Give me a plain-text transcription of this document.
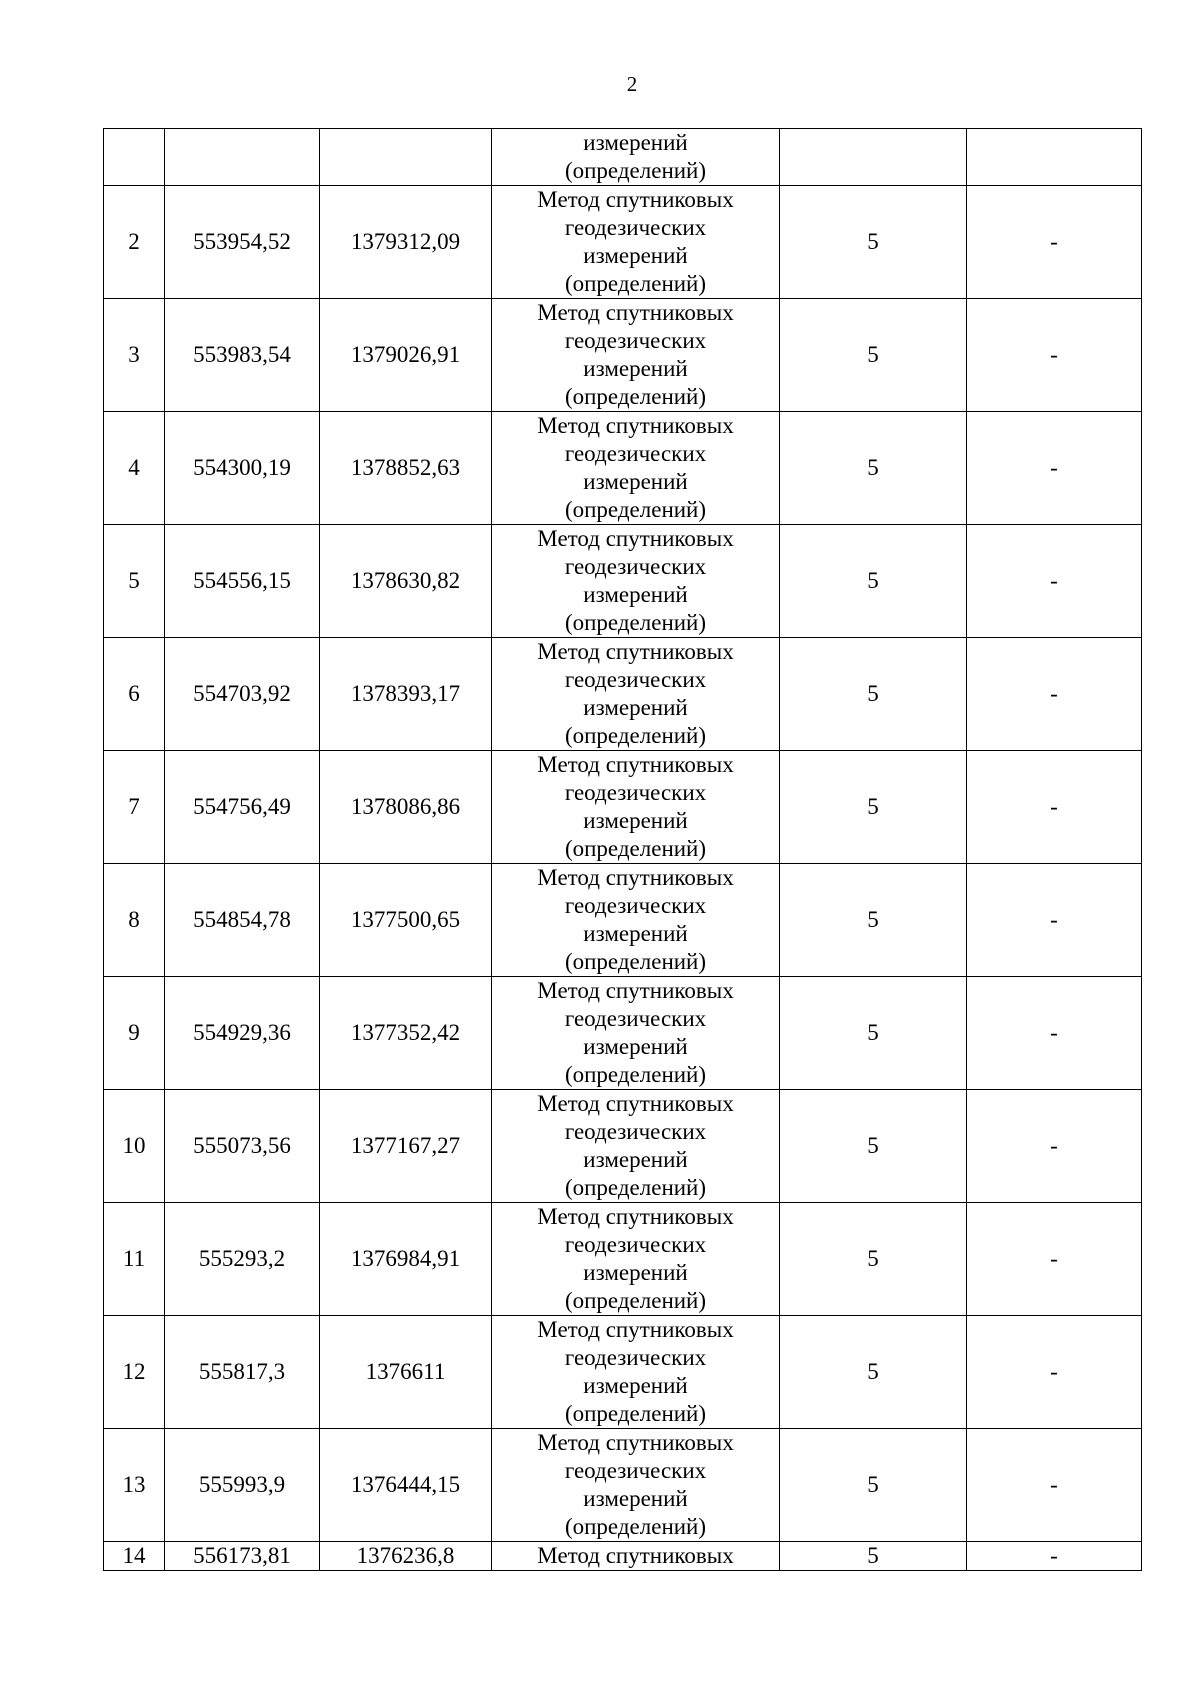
2

			измерений
(определений)		

2	553954,52	1379312,09	Метод спутниковых
геодезических
измерений
(определений)	5	-
3	553983,54	1379026,91	Метод спутниковых
геодезических
измерений
(определений)	5	-
4	554300,19	1378852,63	Метод спутниковых
геодезических
измерений
(определений)	5	-
5	554556,15	1378630,82	Метод спутниковых
геодезических
измерений
(определений)	5	-
6	554703,92	1378393,17	Метод спутниковых
геодезических
измерений
(определений)	5	-
7	554756,49	1378086,86	Метод спутниковых
геодезических
измерений
(определений)	5	-
8	554854,78	1377500,65	Метод спутниковых
геодезических
измерений
(определений)	5	-
9	554929,36	1377352,42	Метод спутниковых
геодезических
измерений
(определений)	5	-
10	555073,56	1377167,27	Метод спутниковых
геодезических
измерений
(определений)	5	-
11	555293,2	1376984,91	Метод спутниковых
геодезических
измерений
(определений)	5	-
12	555817,3	1376611	Метод спутниковых
геодезических
измерений
(определений)	5	-
13	555993,9	1376444,15	Метод спутниковых
геодезических
измерений
(определений)	5	-
14	556173,81	1376236,8	Метод спутниковых	5	-
